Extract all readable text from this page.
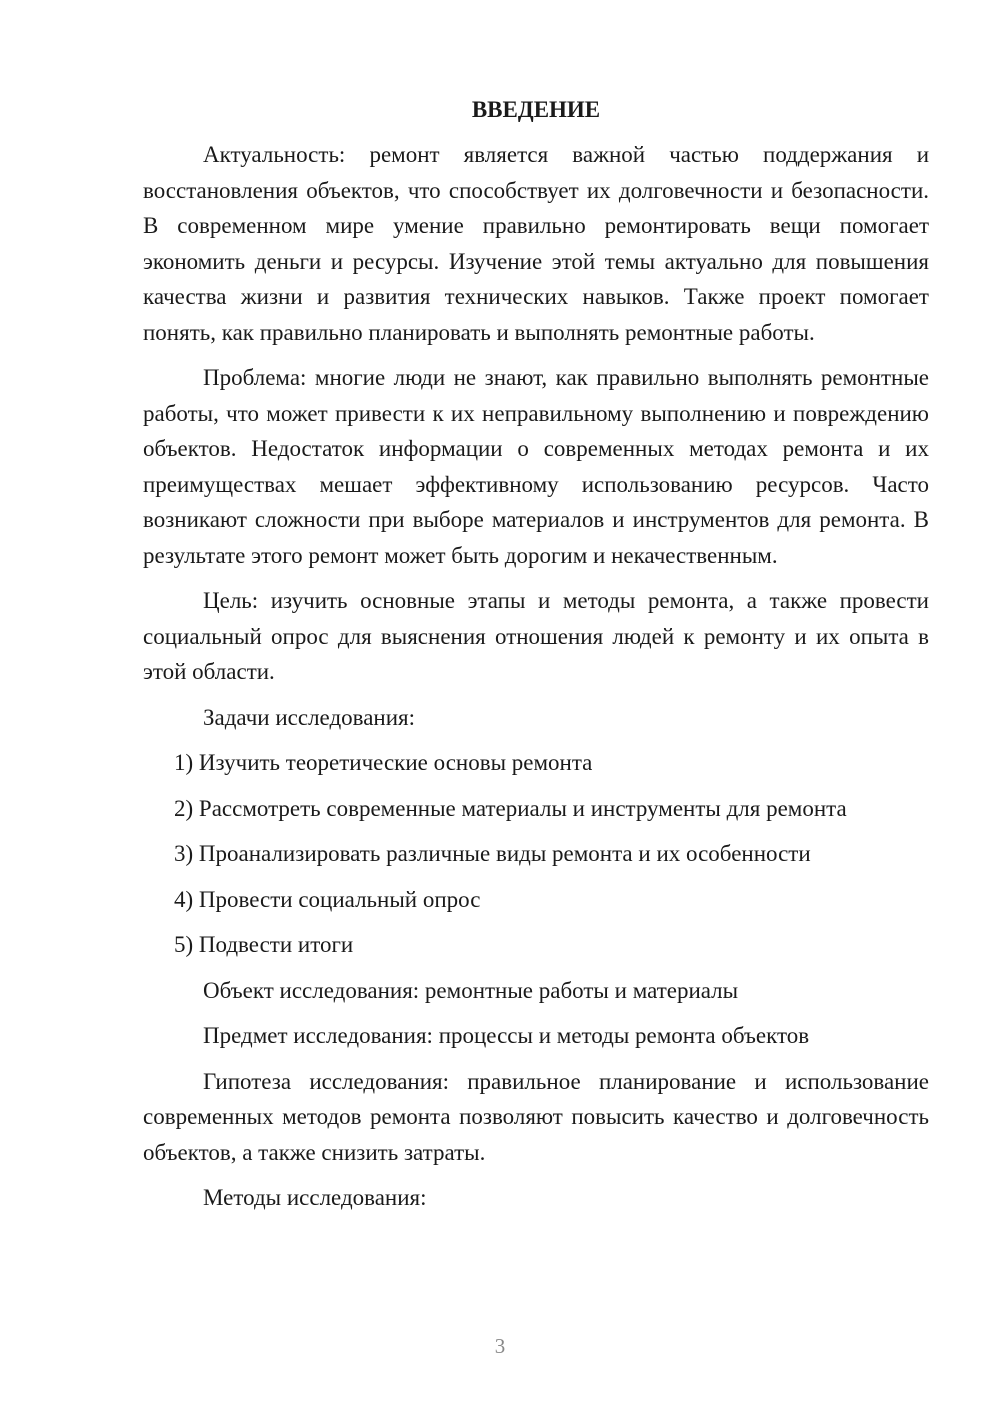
ВВЕДЕНИЕ

Актуальность: ремонт является важной частью поддержания и восстановления объектов, что способствует их долговечности и безопасности. В современном мире умение правильно ремонтировать вещи помогает экономить деньги и ресурсы. Изучение этой темы актуально для повышения качества жизни и развития технических навыков. Также проект помогает понять, как правильно планировать и выполнять ремонтные работы.

Проблема: многие люди не знают, как правильно выполнять ремонтные работы, что может привести к их неправильному выполнению и повреждению объектов. Недостаток информации о современных методах ремонта и их преимуществах мешает эффективному использованию ресурсов. Часто возникают сложности при выборе материалов и инструментов для ремонта. В результате этого ремонт может быть дорогим и некачественным.

Цель: изучить основные этапы и методы ремонта, а также провести социальный опрос для выяснения отношения людей к ремонту и их опыта в этой области.

Задачи исследования:

1) Изучить теоретические основы ремонта

2) Рассмотреть современные материалы и инструменты для ремонта

3) Проанализировать различные виды ремонта и их особенности

4) Провести социальный опрос

5) Подвести итоги

Объект исследования: ремонтные работы и материалы

Предмет исследования: процессы и методы ремонта объектов

Гипотеза исследования: правильное планирование и использование современных методов ремонта позволяют повысить качество и долговечность объектов, а также снизить затраты.

Методы исследования:

3
